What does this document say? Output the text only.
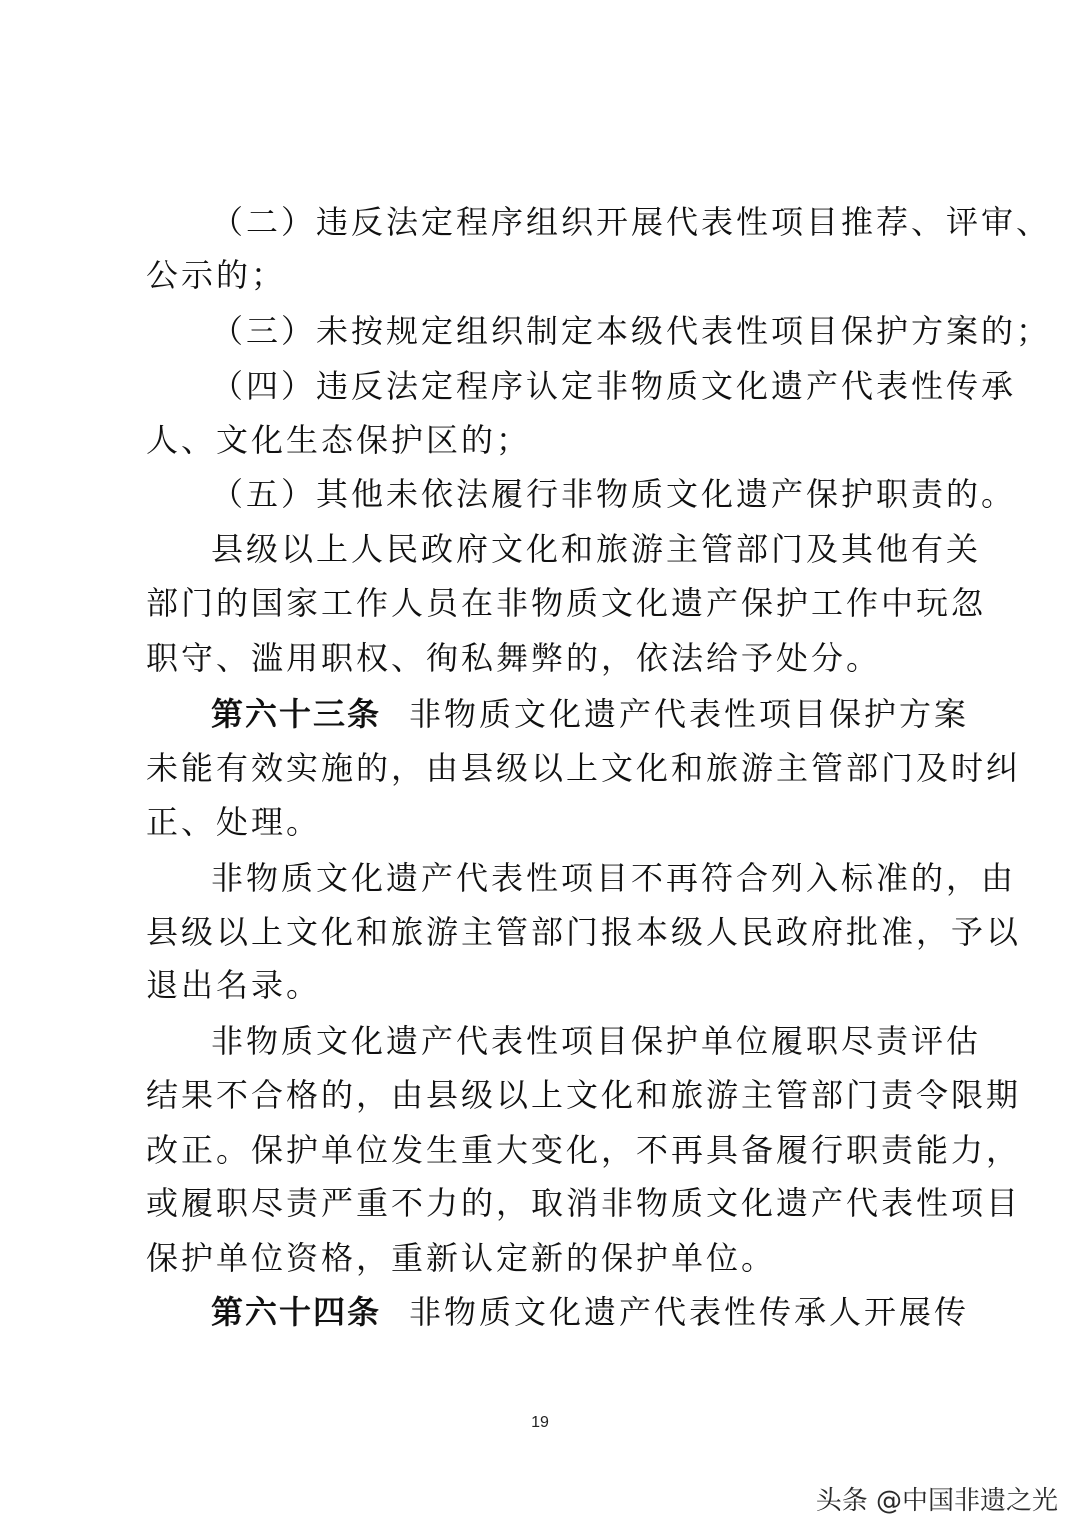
（二）违反法定程序组织开展代表性项目推荐、评审、
公示的；
（三）未按规定组织制定本级代表性项目保护方案的；
（四）违反法定程序认定非物质文化遗产代表性传承
人、文化生态保护区的；
（五）其他未依法履行非物质文化遗产保护职责的。
县级以上人民政府文化和旅游主管部门及其他有关
部门的国家工作人员在非物质文化遗产保护工作中玩忽
职守、滥用职权、徇私舞弊的，依法给予处分。
第六十三条 非物质文化遗产代表性项目保护方案
未能有效实施的，由县级以上文化和旅游主管部门及时纠
正、处理。
非物质文化遗产代表性项目不再符合列入标准的，由
县级以上文化和旅游主管部门报本级人民政府批准，予以
退出名录。
非物质文化遗产代表性项目保护单位履职尽责评估
结果不合格的，由县级以上文化和旅游主管部门责令限期
改正。保护单位发生重大变化，不再具备履行职责能力，
或履职尽责严重不力的，取消非物质文化遗产代表性项目
保护单位资格，重新认定新的保护单位。
第六十四条 非物质文化遗产代表性传承人开展传
19
头条 @中国非遗之光
